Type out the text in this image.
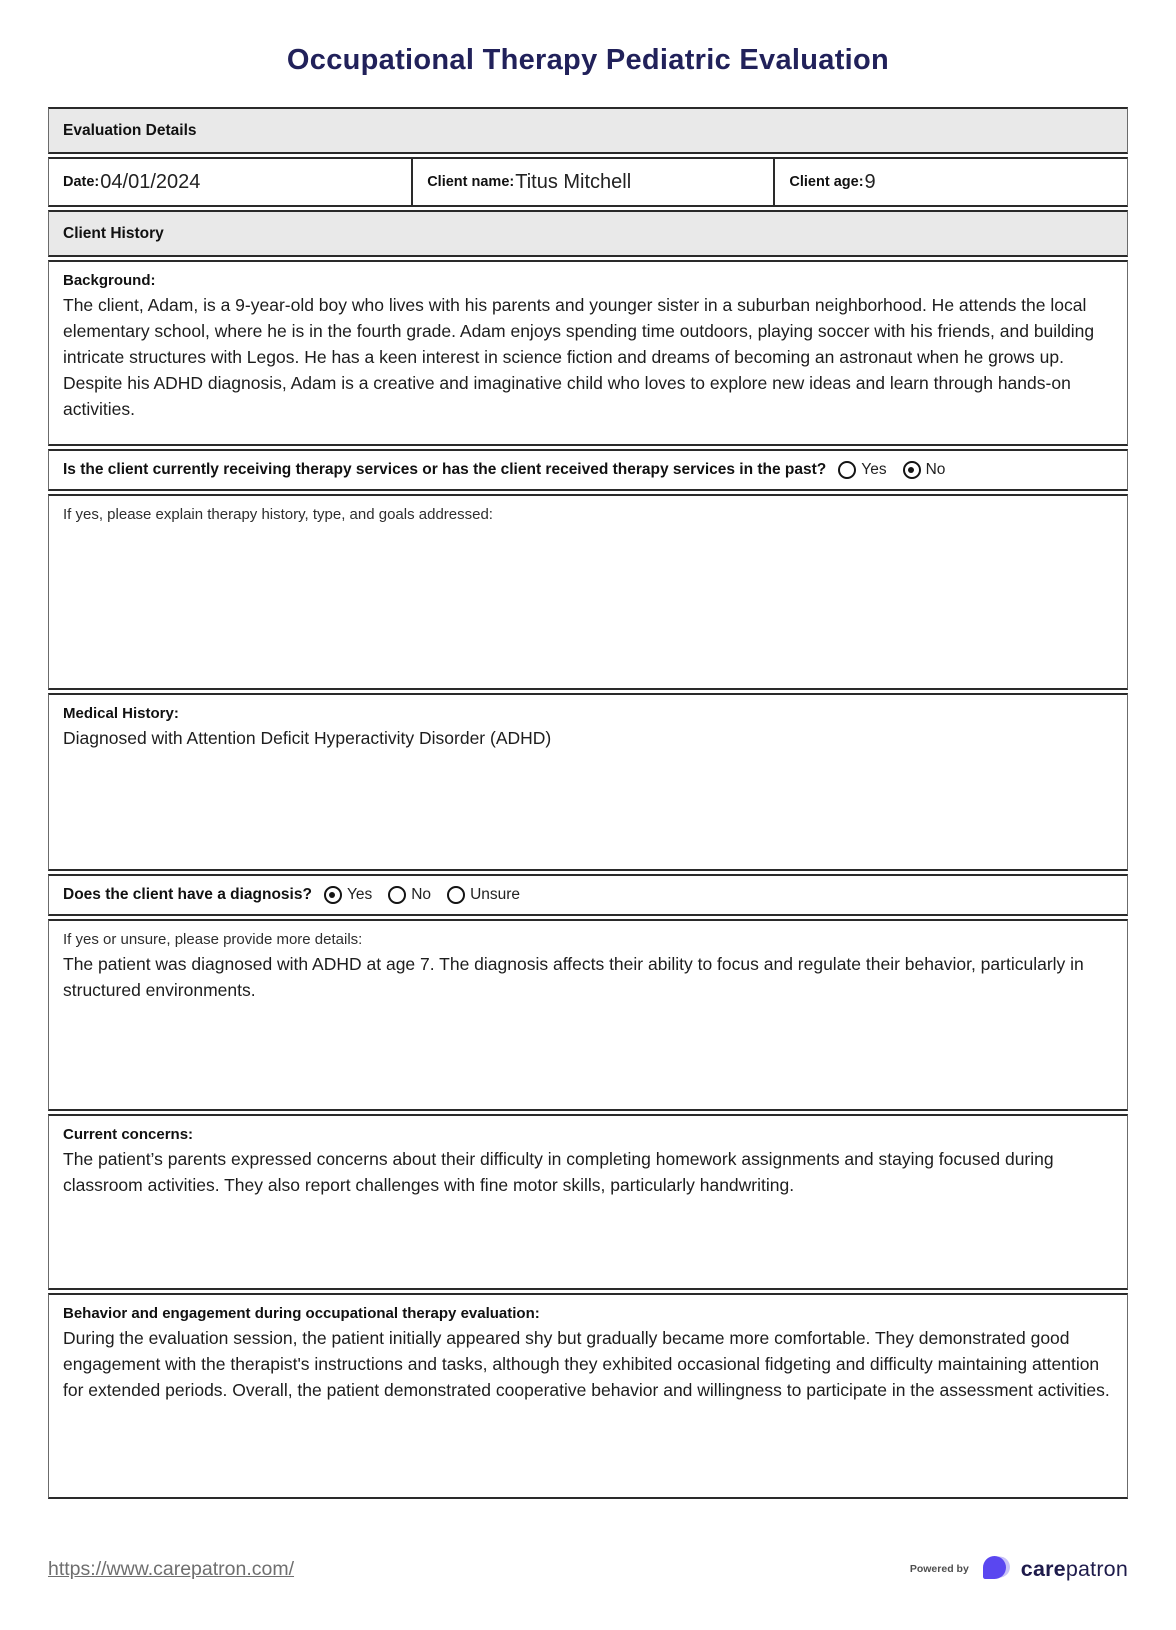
Occupational Therapy Pediatric Evaluation
Evaluation Details
Date: 04/01/2024	Client name: Titus Mitchell	Client age: 9
Client History
Background:
The client, Adam, is a 9-year-old boy who lives with his parents and younger sister in a suburban neighborhood. He attends the local elementary school, where he is in the fourth grade. Adam enjoys spending time outdoors, playing soccer with his friends, and building intricate structures with Legos. He has a keen interest in science fiction and dreams of becoming an astronaut when he grows up. Despite his ADHD diagnosis, Adam is a creative and imaginative child who loves to explore new ideas and learn through hands-on activities.
Is the client currently receiving therapy services or has the client received therapy services in the past? Yes	No
If yes, please explain therapy history, type, and goals addressed:
Medical History:
Diagnosed with Attention Deficit Hyperactivity Disorder (ADHD)
Does the client have a diagnosis? Yes	No	Unsure
If yes or unsure, please provide more details:
The patient was diagnosed with ADHD at age 7. The diagnosis affects their ability to focus and regulate their behavior, particularly in structured environments.
Current concerns:
The patient’s parents expressed concerns about their difficulty in completing homework assignments and staying focused during classroom activities. They also report challenges with fine motor skills, particularly handwriting.
Behavior and engagement during occupational therapy evaluation:
During the evaluation session, the patient initially appeared shy but gradually became more comfortable. They demonstrated good engagement with the therapist's instructions and tasks, although they exhibited occasional fidgeting and difficulty maintaining attention for extended periods. Overall, the patient demonstrated cooperative behavior and willingness to participate in the assessment activities.
https://www.carepatron.com/	Powered by carepatron
